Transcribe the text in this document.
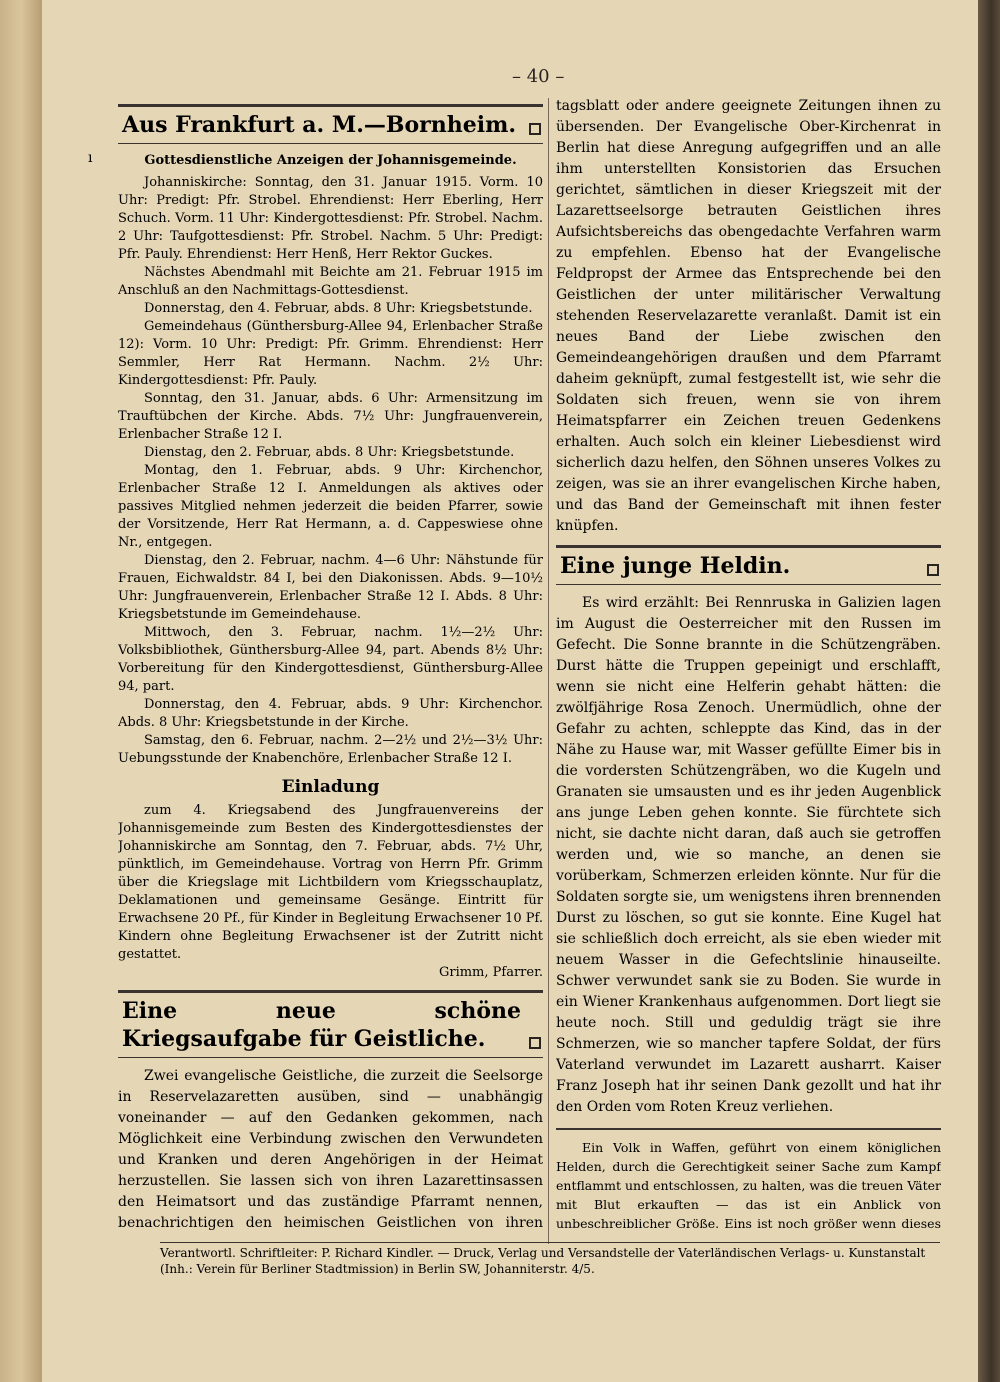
– 40 –
ı
Aus Frankfurt a. M.—Bornheim.
Gottesdienstliche Anzeigen der Johannisgemeinde.

Johanniskirche: Sonntag, den 31. Januar 1915. Vorm. 10 Uhr: Predigt: Pfr. Strobel. Ehrendienst: Herr Eberling, Herr Schuch. Vorm. 11 Uhr: Kindergottesdienst: Pfr. Strobel. Nachm. 2 Uhr: Taufgottesdienst: Pfr. Strobel. Nachm. 5 Uhr: Predigt: Pfr. Pauly. Ehrendienst: Herr Henß, Herr Rektor Guckes.

Nächstes Abendmahl mit Beichte am 21. Februar 1915 im Anschluß an den Nachmittags-Gottesdienst.

Donnerstag, den 4. Februar, abds. 8 Uhr: Kriegsbetstunde.

Gemeindehaus (Günthersburg-Allee 94, Erlenbacher Straße 12): Vorm. 10 Uhr: Predigt: Pfr. Grimm. Ehrendienst: Herr Semmler, Herr Rat Hermann. Nachm. 2½ Uhr: Kindergottesdienst: Pfr. Pauly.

Sonntag, den 31. Januar, abds. 6 Uhr: Armensitzung im Trauftübchen der Kirche. Abds. 7½ Uhr: Jungfrauenverein, Erlenbacher Straße 12 I.

Dienstag, den 2. Februar, abds. 8 Uhr: Kriegsbetstunde.

Montag, den 1. Februar, abds. 9 Uhr: Kirchenchor, Erlenbacher Straße 12 I. Anmeldungen als aktives oder passives Mitglied nehmen jederzeit die beiden Pfarrer, sowie der Vorsitzende, Herr Rat Hermann, a. d. Cappeswiese ohne Nr., entgegen.

Dienstag, den 2. Februar, nachm. 4—6 Uhr: Nähstunde für Frauen, Eichwaldstr. 84 I, bei den Diakonissen. Abds. 9—10½ Uhr: Jungfrauenverein, Erlenbacher Straße 12 I. Abds. 8 Uhr: Kriegsbetstunde im Gemeindehause.

Mittwoch, den 3. Februar, nachm. 1½—2½ Uhr: Volksbibliothek, Günthersburg-Allee 94, part. Abends 8½ Uhr: Vorbereitung für den Kindergottesdienst, Günthersburg-Allee 94, part.

Donnerstag, den 4. Februar, abds. 9 Uhr: Kirchenchor. Abds. 8 Uhr: Kriegsbetstunde in der Kirche.

Samstag, den 6. Februar, nachm. 2—2½ und 2½—3½ Uhr: Uebungsstunde der Knabenchöre, Erlenbacher Straße 12 I.

Einladung

zum 4. Kriegsabend des Jungfrauenvereins der Johannisgemeinde zum Besten des Kindergottesdienstes der Johanniskirche am Sonntag, den 7. Februar, abds. 7½ Uhr, pünktlich, im Gemeindehause. Vortrag von Herrn Pfr. Grimm über die Kriegslage mit Lichtbildern vom Kriegsschauplatz, Deklamationen und gemeinsame Gesänge. Eintritt für Erwachsene 20 Pf., für Kinder in Begleitung Erwachsener 10 Pf. Kindern ohne Begleitung Erwachsener ist der Zutritt nicht gestattet.

Grimm, Pfarrer.

Eine neue schöne Kriegsaufgabe für Geistliche.

Zwei evangelische Geistliche, die zurzeit die Seelsorge in Reservelazaretten ausüben, sind — unabhängig voneinander — auf den Gedanken gekommen, nach Möglichkeit eine Verbindung zwischen den Verwundeten und Kranken und deren Angehörigen in der Heimat herzustellen. Sie lassen sich von ihren Lazarettinsassen den Heimatsort und das zuständige Pfarramt nennen, benachrichtigen den heimischen Geistlichen von ihren

tagsblatt oder andere geeignete Zeitungen ihnen zu übersenden. Der Evangelische Ober-Kirchenrat in Berlin hat diese Anregung aufgegriffen und an alle ihm unterstellten Konsistorien das Ersuchen gerichtet, sämtlichen in dieser Kriegszeit mit der Lazarettseelsorge betrauten Geistlichen ihres Aufsichtsbereichs das obengedachte Verfahren warm zu empfehlen. Ebenso hat der Evangelische Feldpropst der Armee das Entsprechende bei den Geistlichen der unter militärischer Verwaltung stehenden Reservelazarette veranlaßt. Damit ist ein neues Band der Liebe zwischen den Gemeindeangehörigen draußen und dem Pfarramt daheim geknüpft, zumal festgestellt ist, wie sehr die Soldaten sich freuen, wenn sie von ihrem Heimatspfarrer ein Zeichen treuen Gedenkens erhalten. Auch solch ein kleiner Liebesdienst wird sicherlich dazu helfen, den Söhnen unseres Volkes zu zeigen, was sie an ihrer evangelischen Kirche haben, und das Band der Gemeinschaft mit ihnen fester knüpfen.

Eine junge Heldin.

Es wird erzählt: Bei Rennruska in Galizien lagen im August die Oesterreicher mit den Russen im Gefecht. Die Sonne brannte in die Schützengräben. Durst hätte die Truppen gepeinigt und erschlafft, wenn sie nicht eine Helferin gehabt hätten: die zwölfjährige Rosa Zenoch. Unermüdlich, ohne der Gefahr zu achten, schleppte das Kind, das in der Nähe zu Hause war, mit Wasser gefüllte Eimer bis in die vordersten Schützengräben, wo die Kugeln und Granaten sie umsausten und es ihr jeden Augenblick ans junge Leben gehen konnte. Sie fürchtete sich nicht, sie dachte nicht daran, daß auch sie getroffen werden und, wie so manche, an denen sie vorüberkam, Schmerzen erleiden könnte. Nur für die Soldaten sorgte sie, um wenigstens ihren brennenden Durst zu löschen, so gut sie konnte. Eine Kugel hat sie schließlich doch erreicht, als sie eben wieder mit neuem Wasser in die Gefechtslinie hinauseilte. Schwer verwundet sank sie zu Boden. Sie wurde in ein Wiener Krankenhaus aufgenommen. Dort liegt sie heute noch. Still und geduldig trägt sie ihre Schmerzen, wie so mancher tapfere Soldat, der fürs Vaterland verwundet im Lazarett ausharrt. Kaiser Franz Joseph hat ihr seinen Dank gezollt und hat ihr den Orden vom Roten Kreuz verliehen.

Ein Volk in Waffen, geführt von einem königlichen Helden, durch die Gerechtigkeit seiner Sache zum Kampf entflammt und entschlossen, zu halten, was die treuen Väter mit Blut erkauften — das ist ein Anblick von unbeschreiblicher Größe. Eins ist noch größer wenn dieses

Verantwortl. Schriftleiter: P. Richard Kindler. — Druck, Verlag und Versandstelle der Vaterländischen Verlags- u. Kunstanstalt (Inh.: Verein für Berliner Stadtmission) in Berlin SW, Johanniterstr. 4/5.
